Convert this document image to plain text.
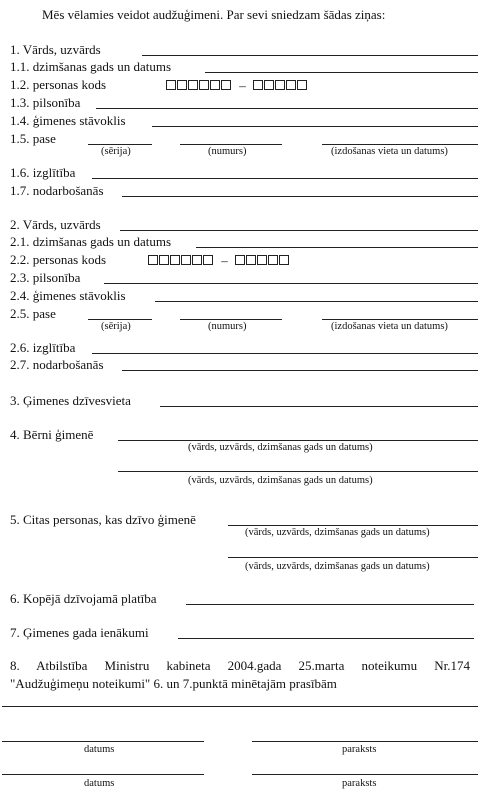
Mēs vēlamies veidot audžuģimeni. Par sevi sniedzam šādas ziņas:
1. Vārds, uzvārds
1.1. dzimšanas gads un datums
1.2. personas kods	–
1.3. pilsonība
1.4. ģimenes stāvoklis
1.5. pase
(sērija)	(numurs)	(izdošanas vieta un datums)
1.6. izglītība
1.7. nodarbošanās
2. Vārds, uzvārds
2.1. dzimšanas gads un datums
2.2. personas kods	–
2.3. pilsonība
2.4. ģimenes stāvoklis
2.5. pase
(sērija)	(numurs)	(izdošanas vieta un datums)
2.6. izglītība
2.7. nodarbošanās
3. Ģimenes dzīvesvieta
4. Bērni ģimenē
(vārds, uzvārds, dzimšanas gads un datums)
(vārds, uzvārds, dzimšanas gads un datums)
5. Citas personas, kas dzīvo ģimenē
(vārds, uzvārds, dzimšanas gads un datums)
(vārds, uzvārds, dzimšanas gads un datums)
6. Kopējā dzīvojamā platība
7. Ģimenes gada ienākumi
8. Atbilstība Ministru kabineta 2004.gada 25.marta noteikumu Nr.174
"Audžuģimeņu noteikumi" 6. un 7.punktā minētajām prasībām
datums	paraksts
datums	paraksts
